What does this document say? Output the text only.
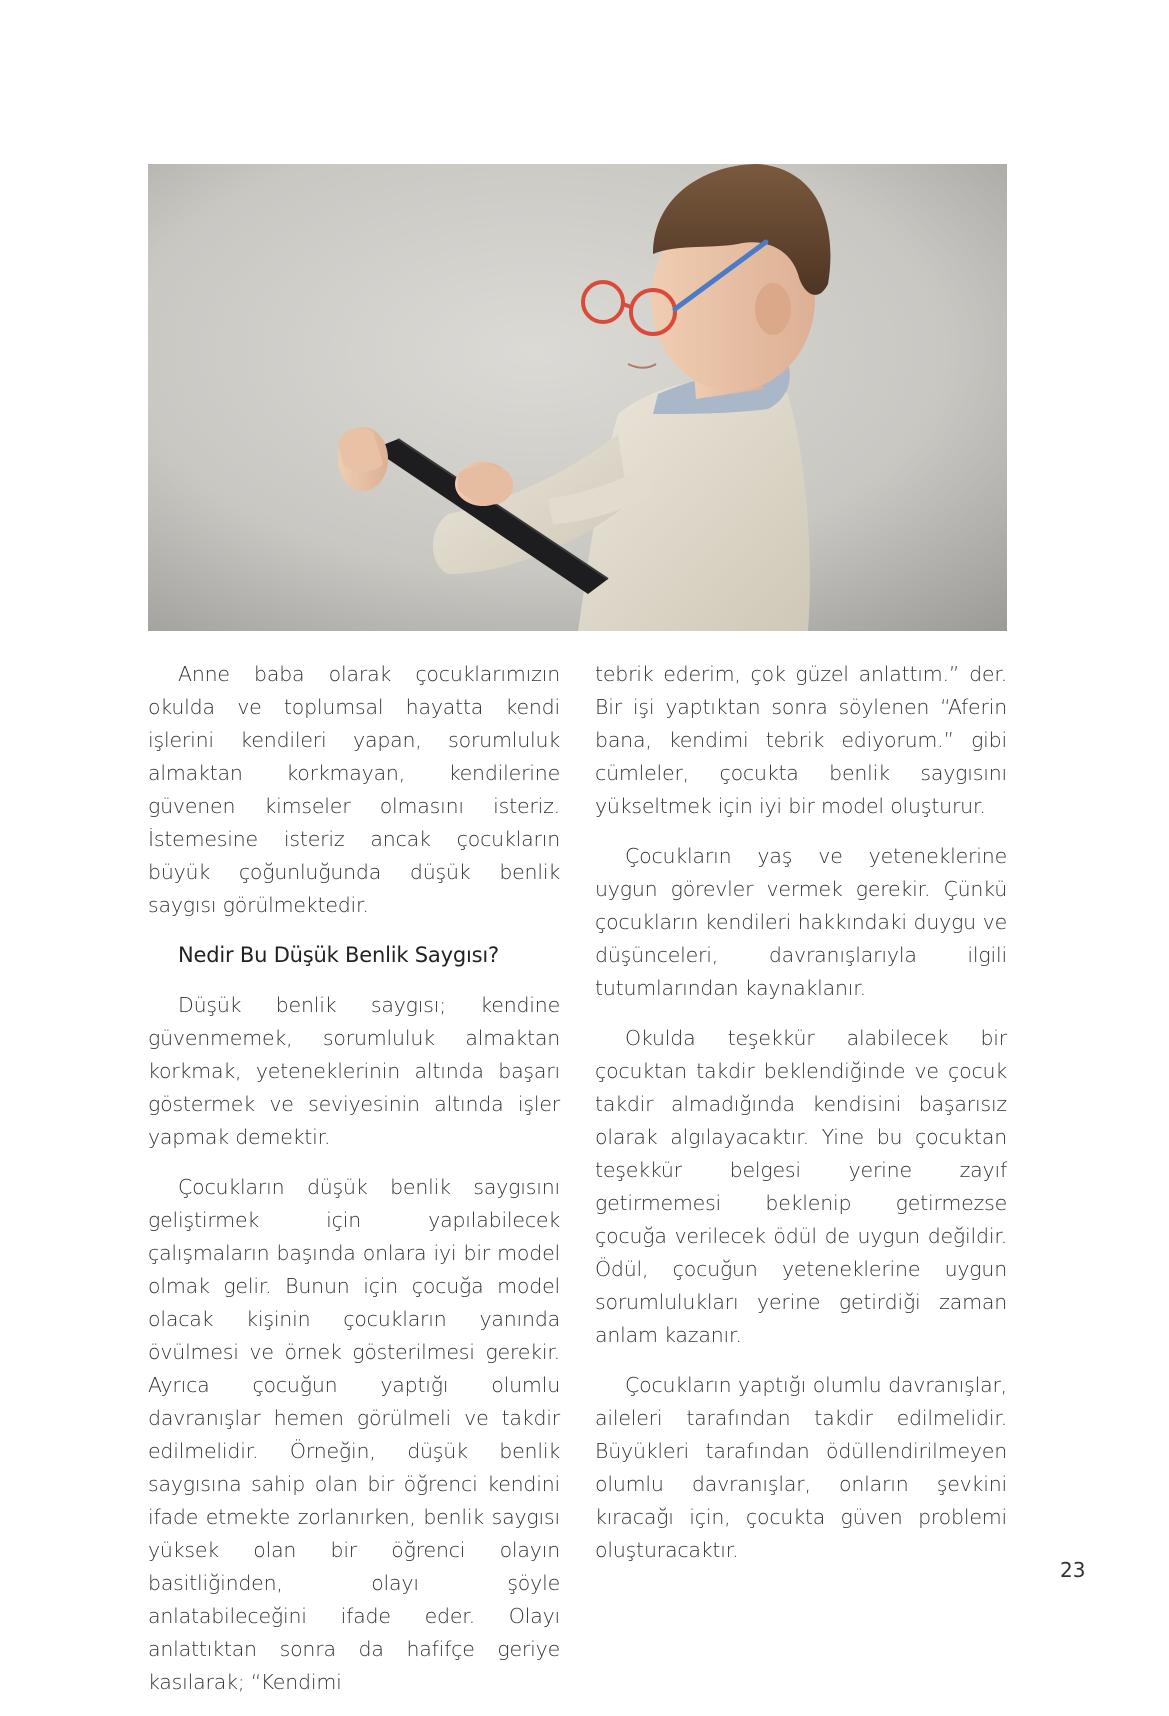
Anne baba olarak çocuklarımızın okulda ve toplumsal hayatta kendi işlerini kendileri yapan, sorumluluk almaktan korkmayan, kendilerine güvenen kimseler olmasını isteriz. İstemesine isteriz ancak çocukların büyük çoğunluğunda düşük benlik saygısı görülmektedir.

Nedir Bu Düşük Benlik Saygısı?

Düşük benlik saygısı; kendine güvenmemek, sorumluluk almaktan korkmak, yeteneklerinin altında başarı göstermek ve seviyesinin altında işler yapmak demektir.

Çocukların düşük benlik saygısını geliştirmek için yapılabilecek çalışmaların başında onlara iyi bir model olmak gelir. Bunun için çocuğa model olacak kişinin çocukların yanında övülmesi ve örnek gösterilmesi gerekir. Ayrıca çocuğun yaptığı olumlu davranışlar hemen görülmeli ve takdir edilmelidir. Örneğin, düşük benlik saygısına sahip olan bir öğrenci kendini ifade etmekte zorlanırken, benlik saygısı yüksek olan bir öğrenci olayın basitliğinden, olayı şöyle anlatabileceğini ifade eder. Olayı anlattıktan sonra da hafifçe geriye kasılarak; “Kendimi

tebrik ederim, çok güzel anlattım.” der. Bir işi yaptıktan sonra söylenen “Aferin bana, kendimi tebrik ediyorum.” gibi cümleler, çocukta benlik saygısını yükseltmek için iyi bir model oluşturur.

Çocukların yaş ve yeteneklerine uygun görevler vermek gerekir. Çünkü çocukların kendileri hakkındaki duygu ve düşünceleri, davranışlarıyla ilgili tutumlarından kaynaklanır.

Okulda teşekkür alabilecek bir çocuktan takdir beklendiğinde ve çocuk takdir almadığında kendisini başarısız olarak algılayacaktır. Yine bu çocuktan teşekkür belgesi yerine zayıf getirmemesi beklenip getirmezse çocuğa verilecek ödül de uygun değildir. Ödül, çocuğun yeteneklerine uygun sorumlulukları yerine getirdiği zaman anlam kazanır.

Çocukların yaptığı olumlu davranışlar, aileleri tarafından takdir edilmelidir. Büyükleri tarafından ödüllendirilmeyen olumlu davranışlar, onların şevkini kıracağı için, çocukta güven problemi oluşturacaktır.

23
